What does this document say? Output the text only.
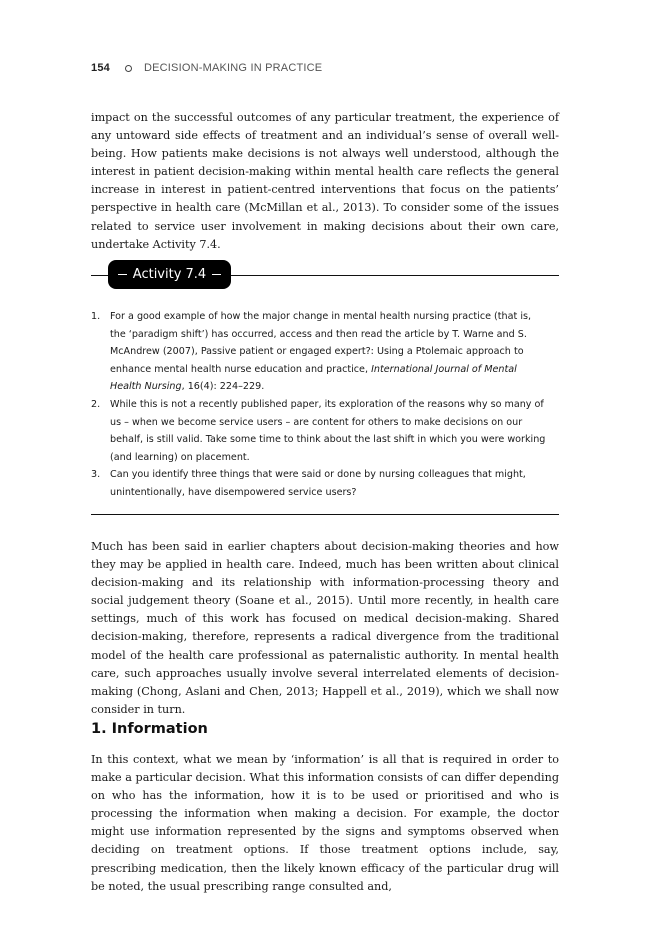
154	DECISION-MAKING IN PRACTICE

impact on the successful outcomes of any particular treatment, the experience of any untoward side effects of treatment and an individual’s sense of overall well-being. How patients make decisions is not always well understood, although the interest in patient decision-making within mental health care reflects the general increase in interest in patient-centred interventions that focus on the patients’ perspective in health care (McMillan et al., 2013). To consider some of the issues related to service user involvement in making decisions about their own care, undertake Activity 7.4.

Activity 7.4
1. For a good example of how the major change in mental health nursing practice (that is, the ‘paradigm shift’) has occurred, access and then read the article by T. Warne and S. McAndrew (2007), Passive patient or engaged expert?: Using a Ptolemaic approach to enhance mental health nurse education and practice, International Journal of Mental Health Nursing, 16(4): 224–229.
2. While this is not a recently published paper, its exploration of the reasons why so many of us – when we become service users – are content for others to make decisions on our behalf, is still valid. Take some time to think about the last shift in which you were working (and learning) on placement.
3. Can you identify three things that were said or done by nursing colleagues that might, unintentionally, have disempowered service users?

Much has been said in earlier chapters about decision-making theories and how they may be applied in health care. Indeed, much has been written about clinical decision-making and its relationship with information-processing theory and social judgement theory (Soane et al., 2015). Until more recently, in health care settings, much of this work has focused on medical decision-making. Shared decision-making, therefore, represents a radical divergence from the traditional model of the health care professional as paternalistic authority. In mental health care, such approaches usually involve several interrelated elements of decision-making (Chong, Aslani and Chen, 2013; Happell et al., 2019), which we shall now consider in turn.

1. Information

In this context, what we mean by ‘information’ is all that is required in order to make a particular decision. What this information consists of can differ depending on who has the information, how it is to be used or prioritised and who is processing the information when making a decision. For example, the doctor might use information represented by the signs and symptoms observed when deciding on treatment options. If those treatment options include, say, prescribing medication, then the likely known efficacy of the particular drug will be noted, the usual prescribing range consulted and,
